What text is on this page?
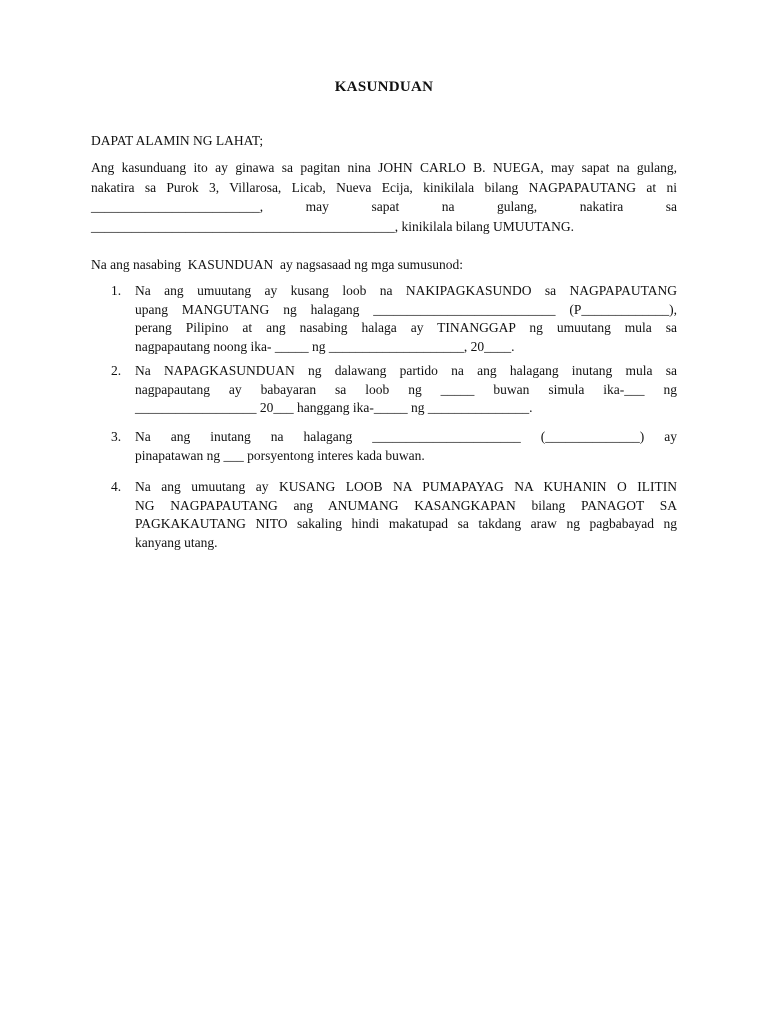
KASUNDUAN
DAPAT ALAMIN NG LAHAT;
Ang kasunduang ito ay ginawa sa pagitan nina JOHN CARLO B. NUEGA, may sapat na gulang,
nakatira sa Purok 3, Villarosa, Licab, Nueva Ecija, kinikilala bilang NAGPAPAUTANG at ni
_________________________, may sapat na gulang, nakatira sa
_____________________________________________, kinikilala bilang UMUUTANG.
Na ang nasabing  KASUNDUAN  ay nagsasaad ng mga sumusunod:
1.	Na ang umuutang ay kusang loob na NAKIPAGKASUNDO sa NAGPAPAUTANG
upang MANGUTANG ng halagang ___________________________ (P_____________),
perang Pilipino at ang nasabing halaga ay TINANGGAP ng umuutang mula sa
nagpapautang noong ika- _____ ng ____________________, 20____.
2.	Na NAPAGKASUNDUAN ng dalawang partido na ang halagang inutang mula sa
nagpapautang ay babayaran sa loob ng _____ buwan simula ika-___ ng
__________________ 20___ hanggang ika-_____ ng _______________.
3.	Na ang inutang na halagang ______________________ (______________) ay
pinapatawan ng ___ porsyentong interes kada buwan.
4.	Na ang umuutang ay KUSANG LOOB NA PUMAPAYAG NA KUHANIN O ILITIN
NG NAGPAPAUTANG ang ANUMANG KASANGKAPAN bilang PANAGOT SA
PAGKAKAUTANG NITO sakaling hindi makatupad sa takdang araw ng pagbabayad ng
kanyang utang.
